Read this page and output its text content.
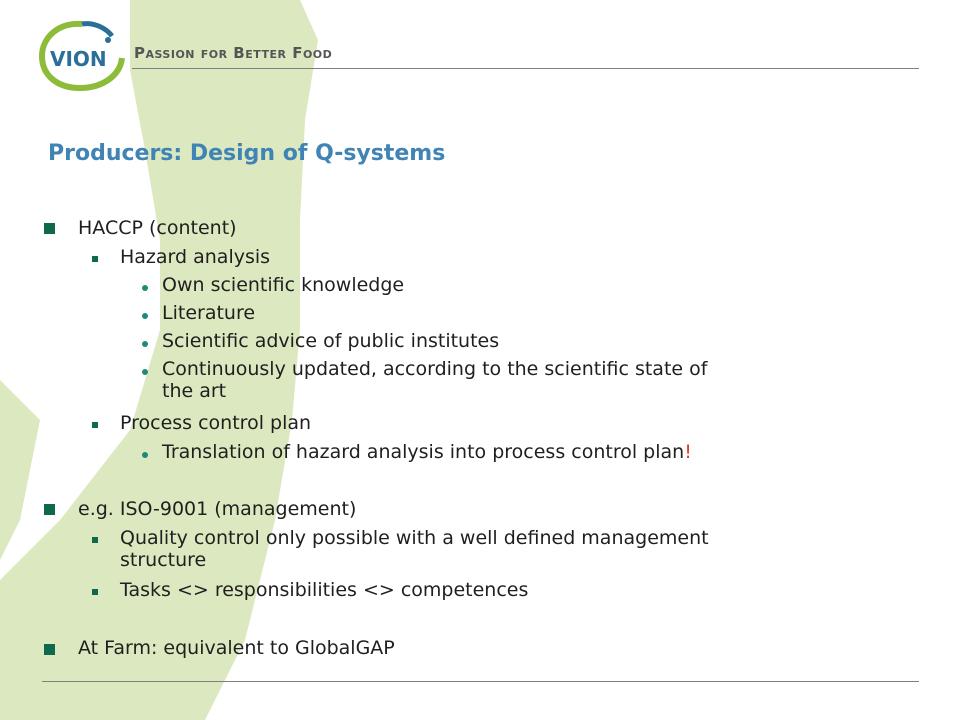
VION Passion for Better Food
Producers: Design of Q-systems
HACCP (content)
Hazard analysis
Own scientific knowledge
Literature
Scientific advice of public institutes
Continuously updated, according to the scientific state of
the art
Process control plan
Translation of hazard analysis into process control plan!
e.g. ISO-9001 (management)
Quality control only possible with a well defined management
structure
Tasks <> responsibilities <> competences
At Farm: equivalent to GlobalGAP
